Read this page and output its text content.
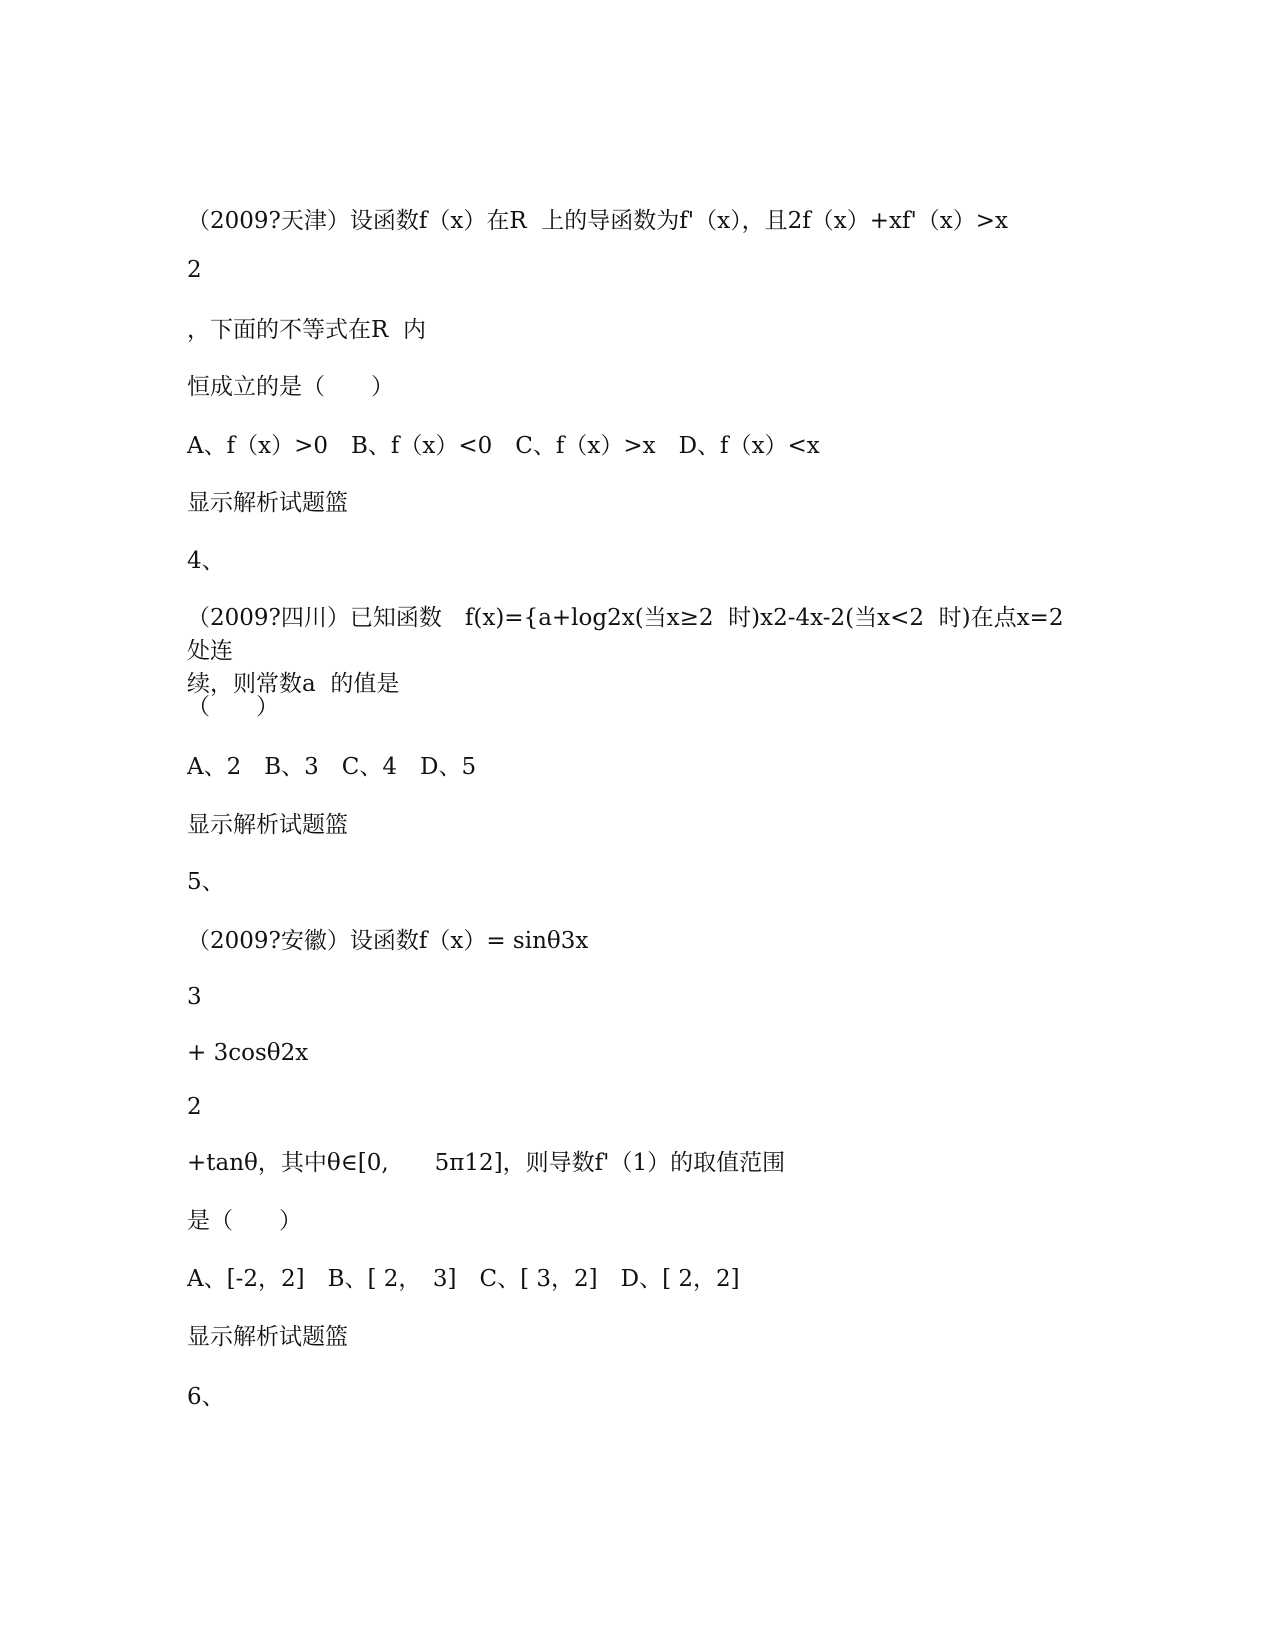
（2009?天津）设函数f（x）在R  上的导函数为f'（x），且2f（x）+xf'（x）>x
2
，下面的不等式在R  内
恒成立的是（　　）
A、f（x）>0　B、f（x）<0　C、f（x）>x　D、f（x）<x
显示解析试题篮
4、
（2009?四川）已知函数　f(x)={a+log2x(当x≥2  时)x2-4x-2(当x<2  时)在点x=2  处连
续，则常数a  的值是
（　　）
A、2　B、3　C、4　D、5
显示解析试题篮
5、
（2009?安徽）设函数f（x）= sinθ3x
3
+ 3cosθ2x
2
+tanθ，其中θ∈[0,　　5π12]，则导数f'（1）的取值范围
是（　　）
A、[-2，2]　B、[ 2，　3]　C、[ 3，2]　D、[ 2，2]
显示解析试题篮
6、
